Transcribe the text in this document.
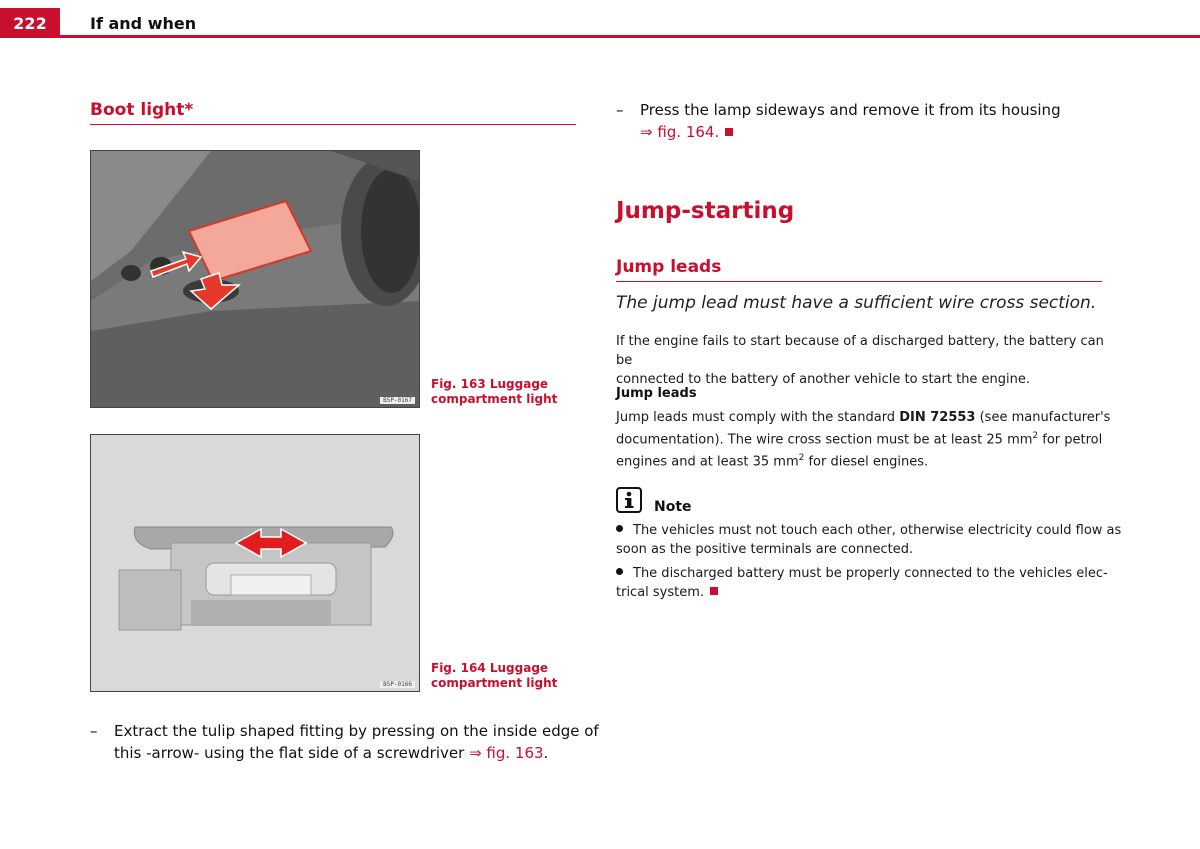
222	If and when
Boot light*
B5P-0167
Fig. 163 Luggage
compartment light
B5P-0166
Fig. 164 Luggage
compartment light
– Extract the tulip shaped fitting by pressing on the inside edge of
this -arrow- using the flat side of a screwdriver ⇒ fig. 163.
– Press the lamp sideways and remove it from its housing
⇒ fig. 164.
Jump-starting
Jump leads
The jump lead must have a sufficient wire cross section.
If the engine fails to start because of a discharged battery, the battery can be
connected to the battery of another vehicle to start the engine.
Jump leads
Jump leads must comply with the standard DIN 72553 (see manufacturer's
documentation). The wire cross section must be at least 25 $mm^2$ for petrol
engines and at least 35 $mm^2$ for diesel engines.
Note
The vehicles must not touch each other, otherwise electricity could flow as
soon as the positive terminals are connected.
The discharged battery must be properly connected to the vehicles elec-
trical system.
